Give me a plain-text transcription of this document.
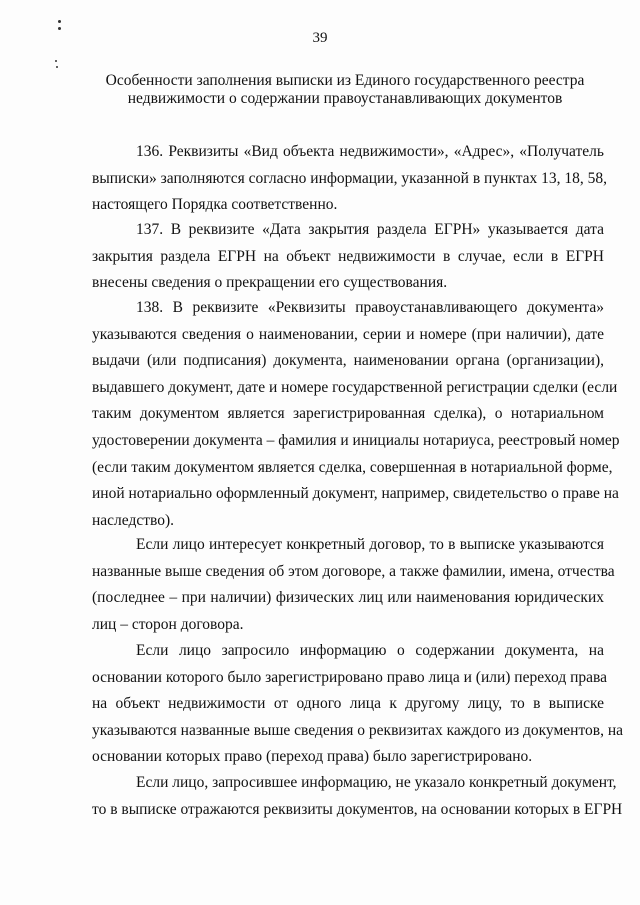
39
Особенности заполнения выписки из Единого государственного реестра
недвижимости о содержании правоустанавливающих документов
136. Реквизиты «Вид объекта недвижимости», «Адрес», «Получатель
выписки» заполняются согласно информации, указанной в пунктах 13, 18, 58,
настоящего Порядка соответственно.
137. В реквизите «Дата закрытия раздела ЕГРН» указывается дата
закрытия раздела ЕГРН на объект недвижимости в случае, если в ЕГРН
внесены сведения о прекращении его существования.
138. В реквизите «Реквизиты правоустанавливающего документа»
указываются сведения о наименовании, серии и номере (при наличии), дате
выдачи (или подписания) документа, наименовании органа (организации),
выдавшего документ, дате и номере государственной регистрации сделки (если
таким документом является зарегистрированная сделка), о нотариальном
удостоверении документа – фамилия и инициалы нотариуса, реестровый номер
(если таким документом является сделка, совершенная в нотариальной форме,
иной нотариально оформленный документ, например, свидетельство о праве на
наследство).
Если лицо интересует конкретный договор, то в выписке указываются
названные выше сведения об этом договоре, а также фамилии, имена, отчества
(последнее – при наличии) физических лиц или наименования юридических
лиц – сторон договора.
Если лицо запросило информацию о содержании документа, на
основании которого было зарегистрировано право лица и (или) переход права
на объект недвижимости от одного лица к другому лицу, то в выписке
указываются названные выше сведения о реквизитах каждого из документов, на
основании которых право (переход права) было зарегистрировано.
Если лицо, запросившее информацию, не указало конкретный документ,
то в выписке отражаются реквизиты документов, на основании которых в ЕГРН
